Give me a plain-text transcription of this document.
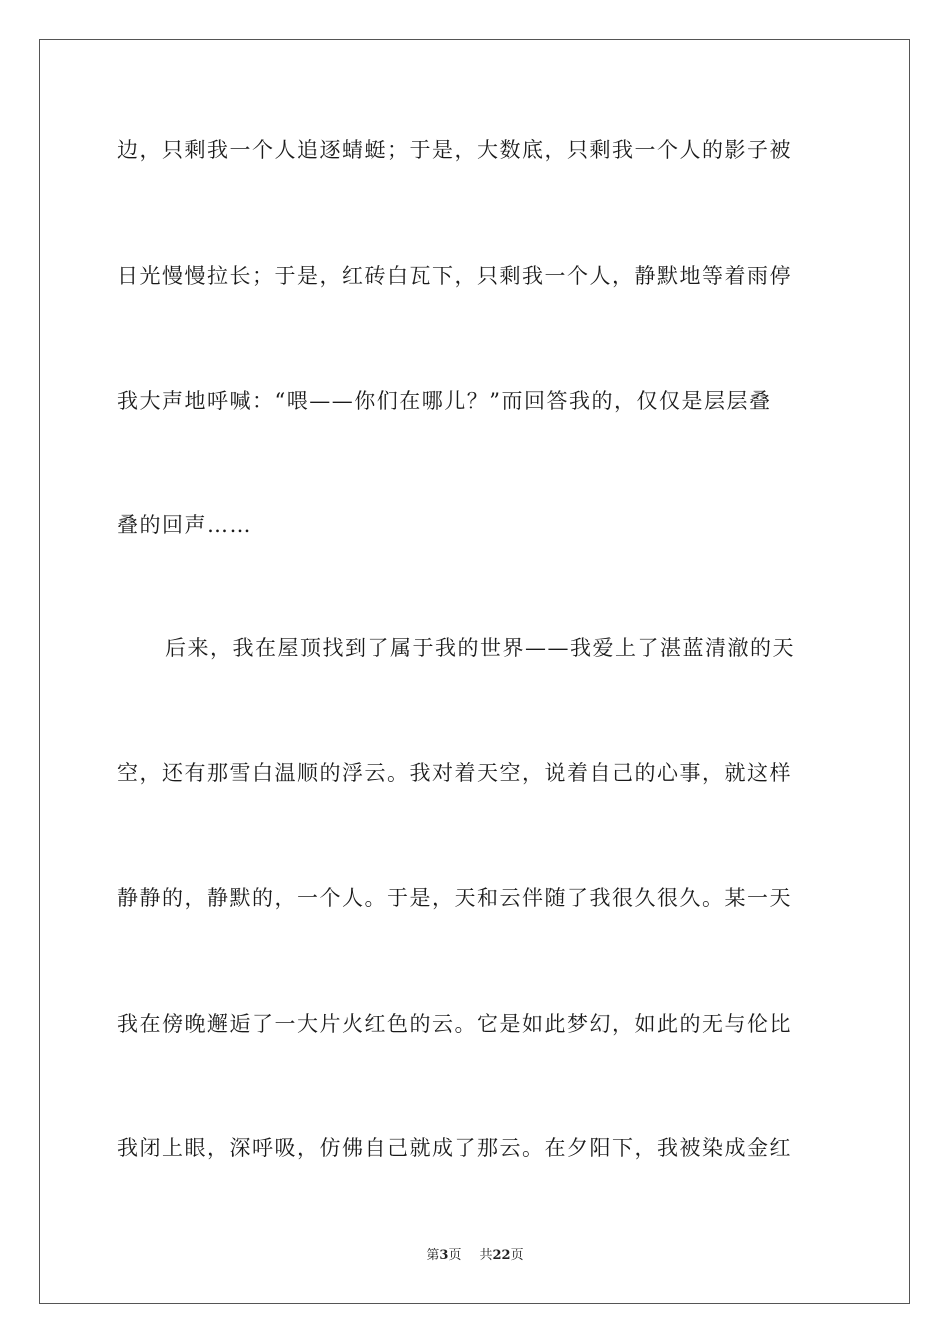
边，只剩我一个人追逐蜻蜓；于是，大数底，只剩我一个人的影子被
日光慢慢拉长；于是，红砖白瓦下，只剩我一个人，静默地等着雨停
我大声地呼喊：“喂——你们在哪儿？”而回答我的，仅仅是层层叠
叠的回声……
后来，我在屋顶找到了属于我的世界——我爱上了湛蓝清澈的天
空，还有那雪白温顺的浮云。我对着天空，说着自己的心事，就这样
静静的，静默的，一个人。于是，天和云伴随了我很久很久。某一天
我在傍晚邂逅了一大片火红色的云。它是如此梦幻，如此的无与伦比
我闭上眼，深呼吸，仿佛自己就成了那云。在夕阳下，我被染成金红
第3页 共22页
